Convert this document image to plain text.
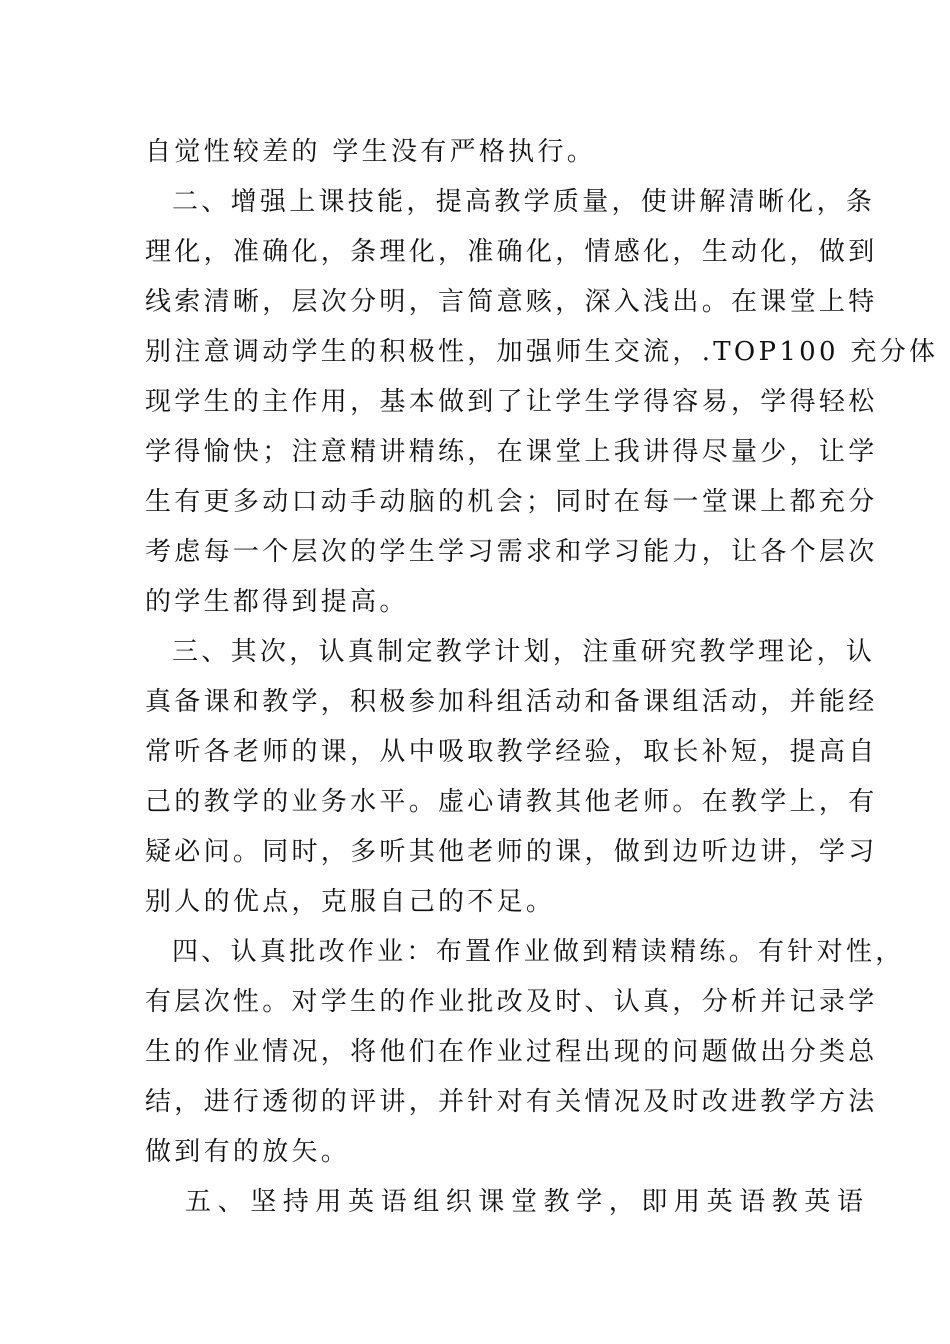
自觉性较差的 学生没有严格执行。
二、增强上课技能，提高教学质量，使讲解清晰化，条
理化，准确化，条理化，准确化，情感化，生动化，做到
线索清晰，层次分明，言简意赅，深入浅出。在课堂上特
别注意调动学生的积极性，加强师生交流，.TOP100 充分体
现学生的主作用，基本做到了让学生学得容易，学得轻松
学得愉快；注意精讲精练，在课堂上我讲得尽量少，让学
生有更多动口动手动脑的机会；同时在每一堂课上都充分
考虑每一个层次的学生学习需求和学习能力，让各个层次
的学生都得到提高。
三、其次，认真制定教学计划，注重研究教学理论，认
真备课和教学，积极参加科组活动和备课组活动，并能经
常听各老师的课，从中吸取教学经验，取长补短，提高自
己的教学的业务水平。虚心请教其他老师。在教学上，有
疑必问。同时，多听其他老师的课，做到边听边讲，学习
别人的优点，克服自己的不足。
四、认真批改作业：布置作业做到精读精练。有针对性，
有层次性。对学生的作业批改及时、认真，分析并记录学
生的作业情况，将他们在作业过程出现的问题做出分类总
结，进行透彻的评讲，并针对有关情况及时改进教学方法
做到有的放矢。
五、坚持用英语组织课堂教学，即用英语教英语
